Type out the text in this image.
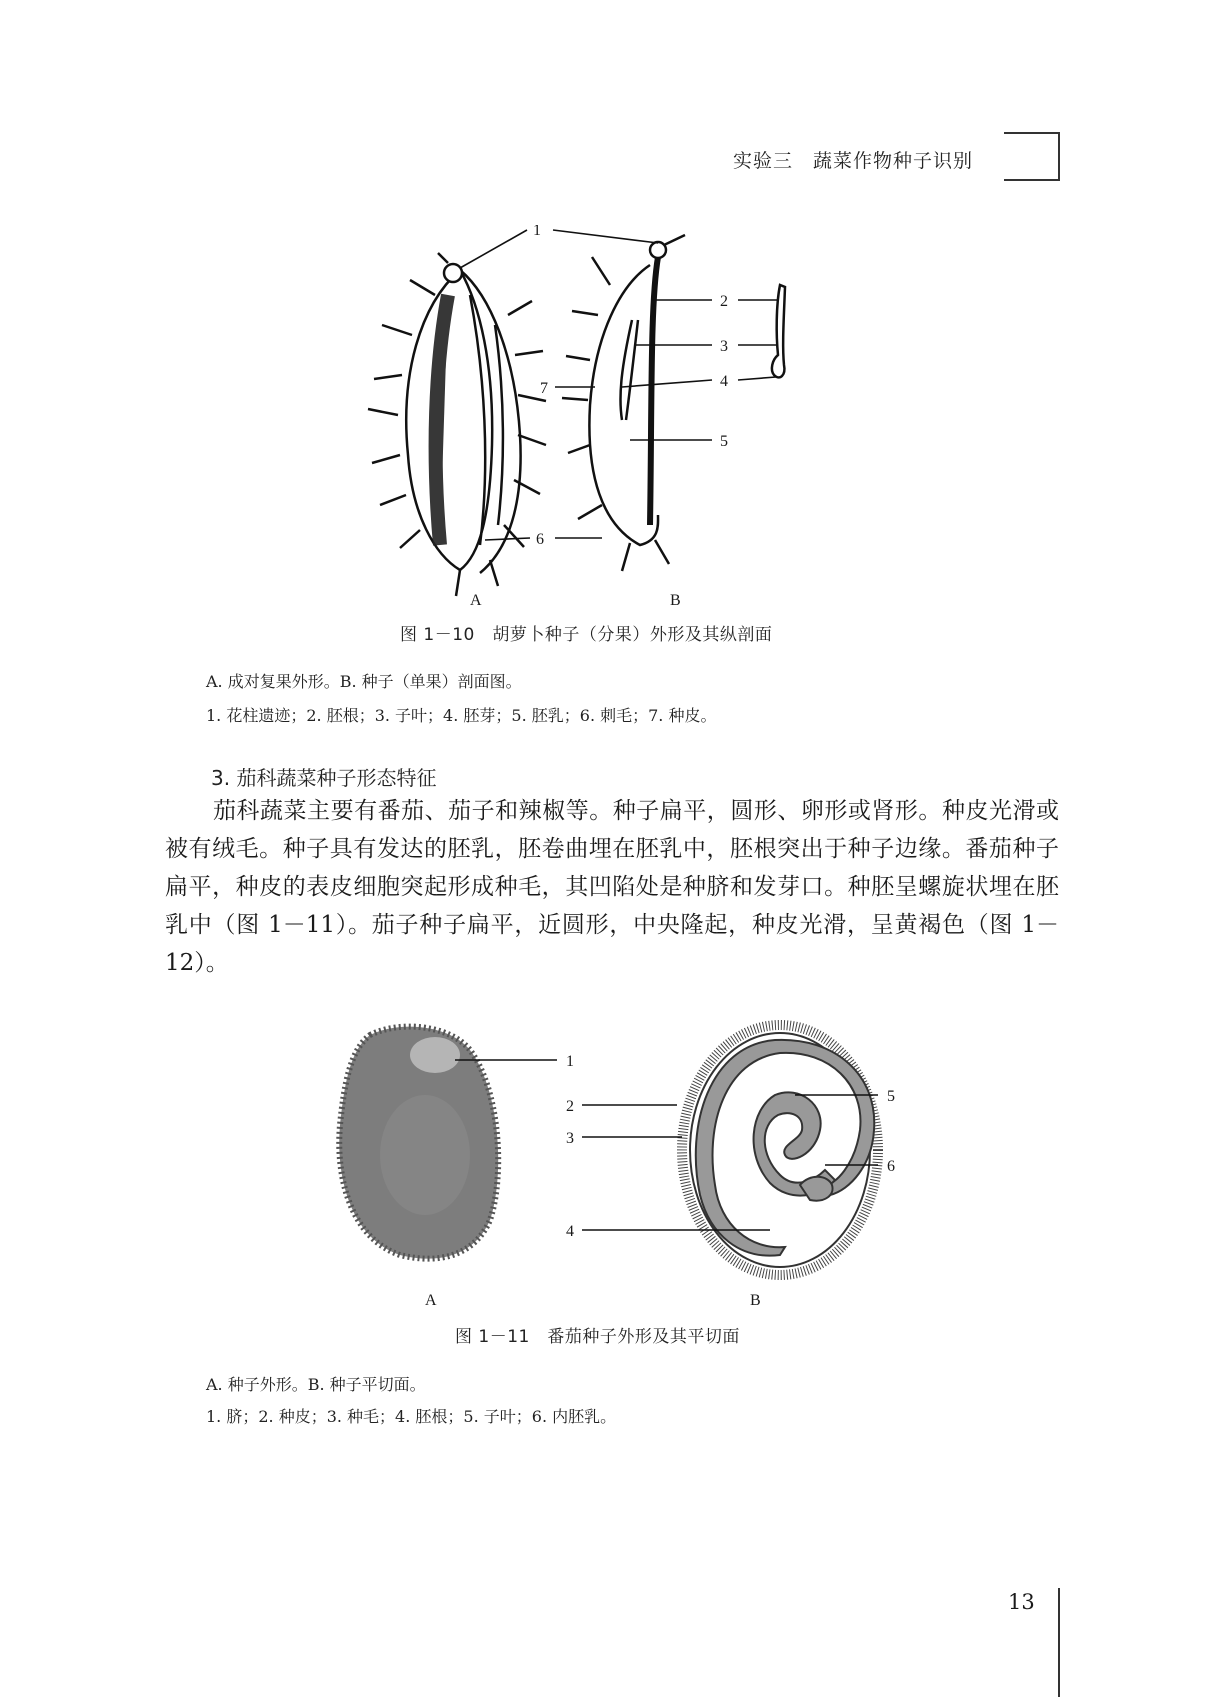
实验三　蔬菜作物种子识别
1
2
3
4
5
6
7
A	B
图 1－10　胡萝卜种子（分果）外形及其纵剖面
A. 成对复果外形。B. 种子（单果）剖面图。
1. 花柱遗迹；2. 胚根；3. 子叶；4. 胚芽；5. 胚乳；6. 刺毛；7. 种皮。
3. 茄科蔬菜种子形态特征
茄科蔬菜主要有番茄、茄子和辣椒等。种子扁平，圆形、卵形或肾形。种皮光滑或被有绒毛。种子具有发达的胚乳，胚卷曲埋在胚乳中，胚根突出于种子边缘。番茄种子扁平，种皮的表皮细胞突起形成种毛，其凹陷处是种脐和发芽口。种胚呈螺旋状埋在胚乳中（图 1－11）。茄子种子扁平，近圆形，中央隆起，种皮光滑，呈黄褐色（图 1－12）。
1
2
3
4
5
6
A	B
图 1－11　番茄种子外形及其平切面
A. 种子外形。B. 种子平切面。
1. 脐；2. 种皮；3. 种毛；4. 胚根；5. 子叶；6. 内胚乳。
13
